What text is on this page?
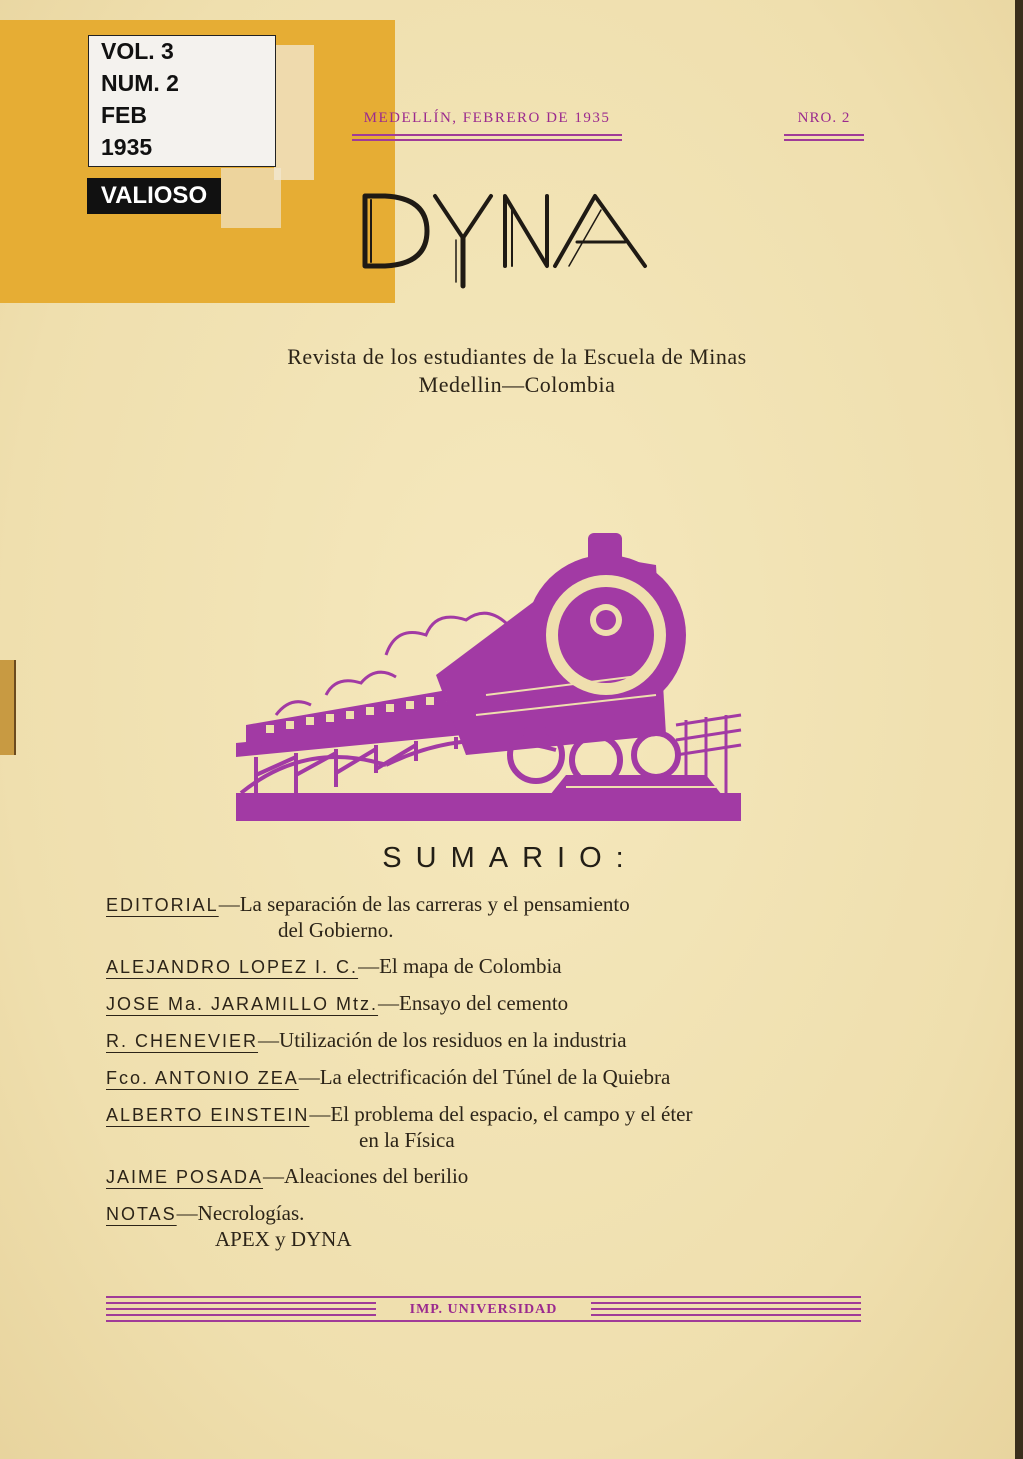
VOL. 3
NUM. 2
FEB
1935
VALIOSO
MEDELLÍN, FEBRERO DE 1935	NRO. 2
Revista de los estudiantes de la Escuela de Minas
Medellin—Colombia
SUMARIO:
EDITORIAL—La separación de las carreras y el pensamiento
del Gobierno.
ALEJANDRO LOPEZ I. C.—El mapa de Colombia
JOSE Ma. JARAMILLO Mtz.—Ensayo del cemento
R. CHENEVIER—Utilización de los residuos en la industria
Fco. ANTONIO ZEA—La electrificación del Túnel de la Quiebra
ALBERTO EINSTEIN—El problema del espacio, el campo y el éter
en la Física
JAIME POSADA—Aleaciones del berilio
NOTAS—Necrologías.
APEX y DYNA
IMP. UNIVERSIDAD
